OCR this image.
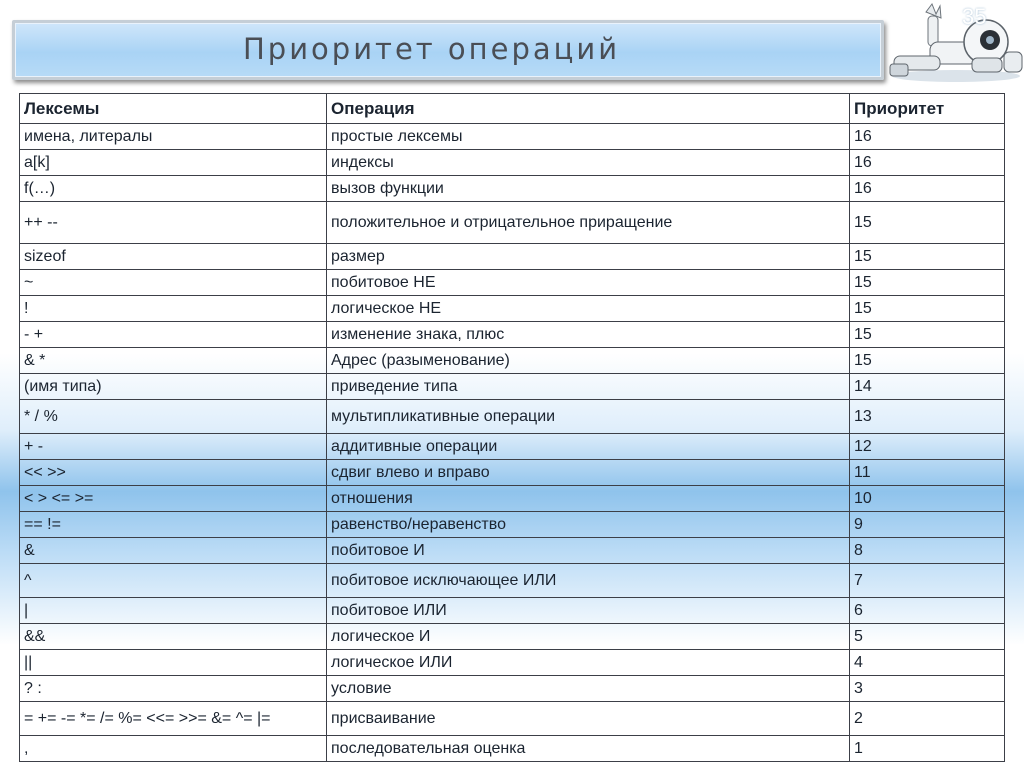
Приоритет операций
35
Лексемы	Операция	Приоритет
имена, литералы	простые лексемы	16
a[k]	индексы	16
f(…)	вызов функции	16
++ --	положительное и отрицательное приращение	15
sizeof	размер	15
~	побитовое НЕ	15
!	логическое НЕ	15
- +	изменение знака, плюс	15
& *	Адрес (разыменование)	15
(имя типа)	приведение типа	14
* / %	мультипликативные операции	13
+ -	аддитивные операции	12
<< >>	сдвиг влево и вправо	11
< > <= >=	отношения	10
== !=	равенство/неравенство	9
&	побитовое И	8
^	побитовое исключающее ИЛИ	7
|	побитовое ИЛИ	6
&&	логическое И	5
||	логическое ИЛИ	4
? :	условие	3
= += -= *= /= %= <<= >>= &= ^= |=	присваивание	2
,	последовательная оценка	1
